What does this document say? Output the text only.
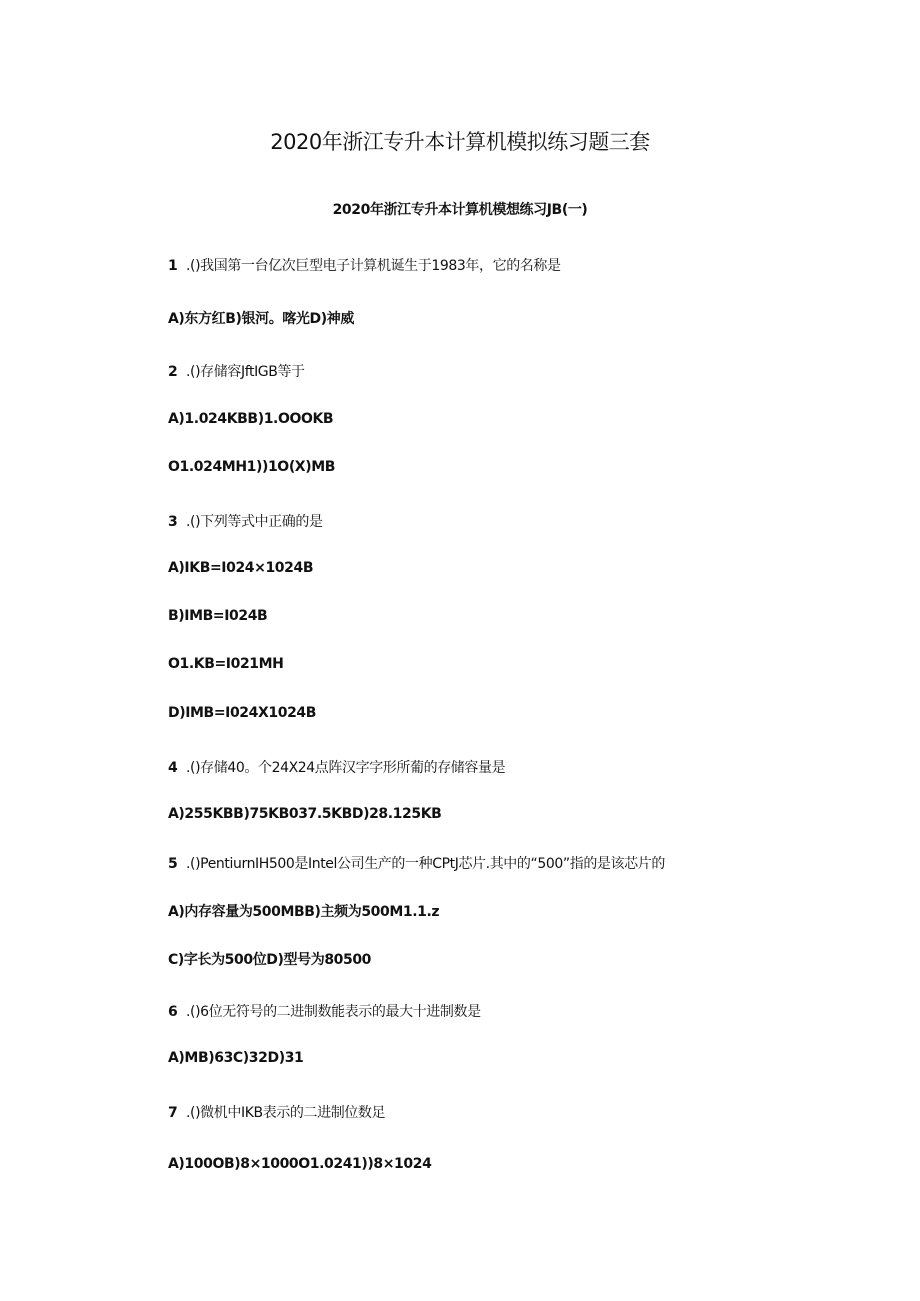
2020年浙江专升本计算机模拟练习题三套
2020年浙江专升本计算机模想练习JB(一)
1 .()我国第一台亿次巨型电子计算机诞生于1983年，它的名称是
A)东方红B)银河。喀光D)神威
2 .()存储容JftIGB等于
A)1.024KBB)1.OOOKB
O1.024MH1))1O(X)MB
3 .()下列等式中正确的是
A)IKB=I024×1024B
B)IMB=I024B
O1.KB=I021MH
D)IMB=I024X1024B
4 .()存储40。个24X24点阵汉字字形所葡的存储容量是
A)255KBB)75KB037.5KBD)28.125KB
5 .()PentiurnIH500是Intel公司生产的一种CPtJ芯片.其中的“500”指的是该芯片的
A)内存容量为500MBB)主频为500M1.1.z
C)字长为500位D)型号为80500
6 .()6位无符号的二进制数能表示的最大十进制数是
A)MB)63C)32D)31
7 .()微机中IKB表示的二进制位数足
A)100OB)8×1000O1.0241))8×1024
